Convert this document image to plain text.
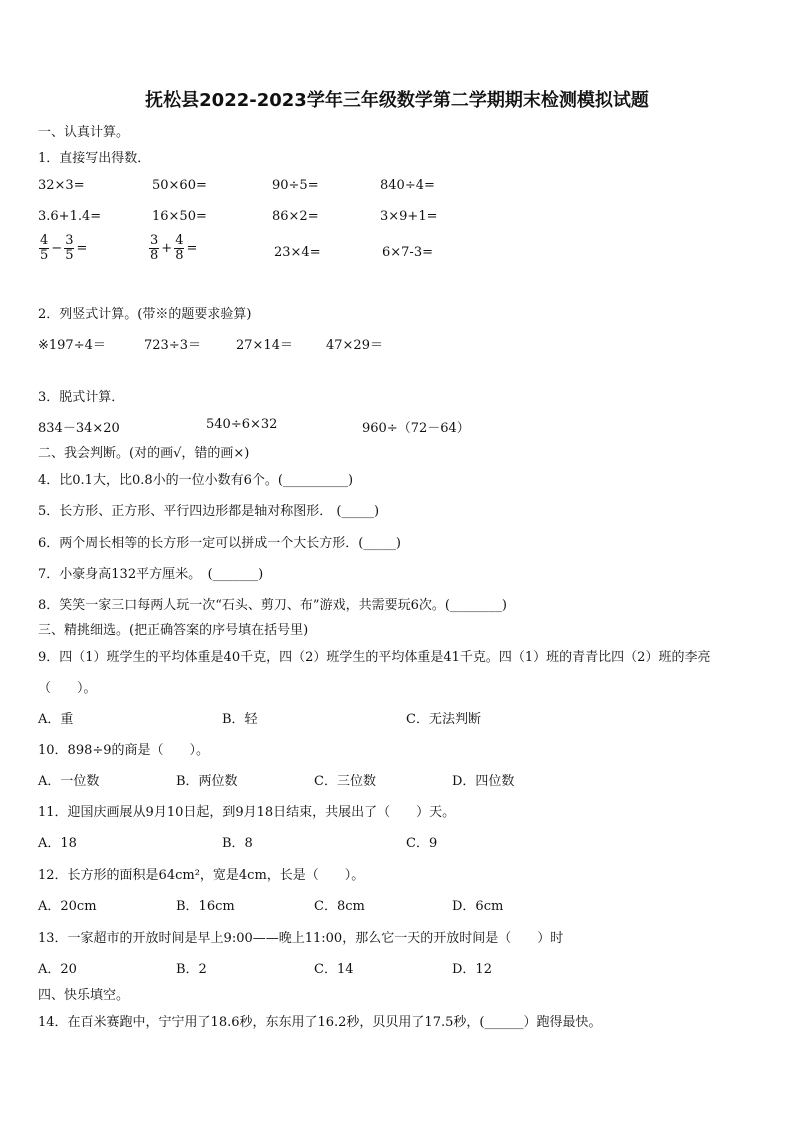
抚松县2022-2023学年三年级数学第二学期期末检测模拟试题
一、认真计算。
1．直接写出得数．
32×3=	50×60=	90÷5=	840÷4=
3.6+1.4=	16×50=	86×2=	3×9+1=
$\frac{4}{5} - \frac{3}{5}$ =	$\frac{3}{8} + \frac{4}{8}$ =	23×4=	6×7-3=
2．列竖式计算。(带※的题要求验算)
※197÷4＝	723÷3＝	27×14＝	47×29＝
3．脱式计算．
834－34×20	540÷6×32	960÷（72－64）
二、我会判断。(对的画√，错的画×)
4．比0.1大，比0.8小的一位小数有6个。(__________)
5．长方形、正方形、平行四边形都是轴对称图形． (_____)
6．两个周长相等的长方形一定可以拼成一个大长方形．(_____)
7．小豪身高132平方厘米。　(_______)
8．笑笑一家三口每两人玩一次“石头、剪刀、布”游戏，共需要玩6次。(________)
三、精挑细选。(把正确答案的序号填在括号里)
9．四（1）班学生的平均体重是40千克，四（2）班学生的平均体重是41千克。四（1）班的青青比四（2）班的李亮
（　　）。
A．重	B．轻	C．无法判断
10．898÷9的商是（　　）。
A．一位数	B．两位数	C．三位数	D．四位数
11．迎国庆画展从9月10日起，到9月18日结束，共展出了（　　）天。
A．18	B．8	C．9
12．长方形的面积是64cm²，宽是4cm，长是（　　）。
A．20cm	B．16cm	C．8cm	D．6cm
13．一家超市的开放时间是早上9:00——晚上11:00，那么它一天的开放时间是（　　）时
A．20	B．2	C．14	D．12
四、快乐填空。
14．在百米赛跑中，宁宁用了18.6秒，东东用了16.2秒，贝贝用了17.5秒，(______）跑得最快。
